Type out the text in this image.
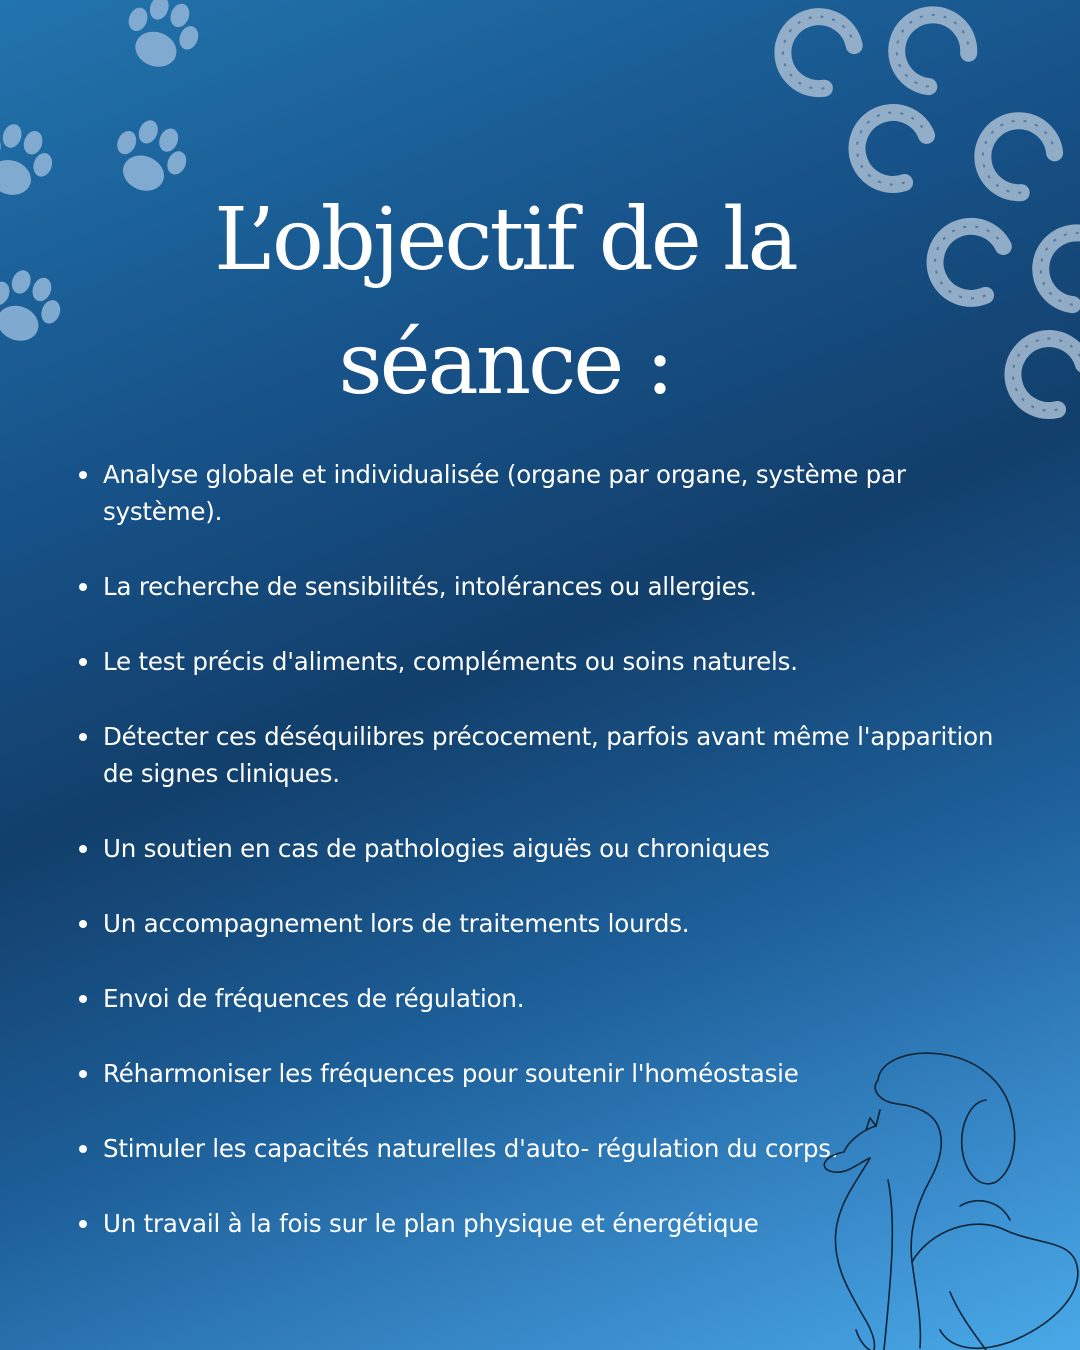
L’objectif de la
séance :
Analyse globale et individualisée (organe par organe, système par système).
La recherche de sensibilités, intolérances ou allergies.
Le test précis d'aliments, compléments ou soins naturels.
Détecter ces déséquilibres précocement, parfois avant même l'apparition de signes cliniques.
Un soutien en cas de pathologies aiguës ou chroniques
Un accompagnement lors de traitements lourds.
Envoi de fréquences de régulation.
Réharmoniser les fréquences pour soutenir l'homéostasie
Stimuler les capacités naturelles d'auto- régulation du corps.
Un travail à la fois sur le plan physique et énergétique
